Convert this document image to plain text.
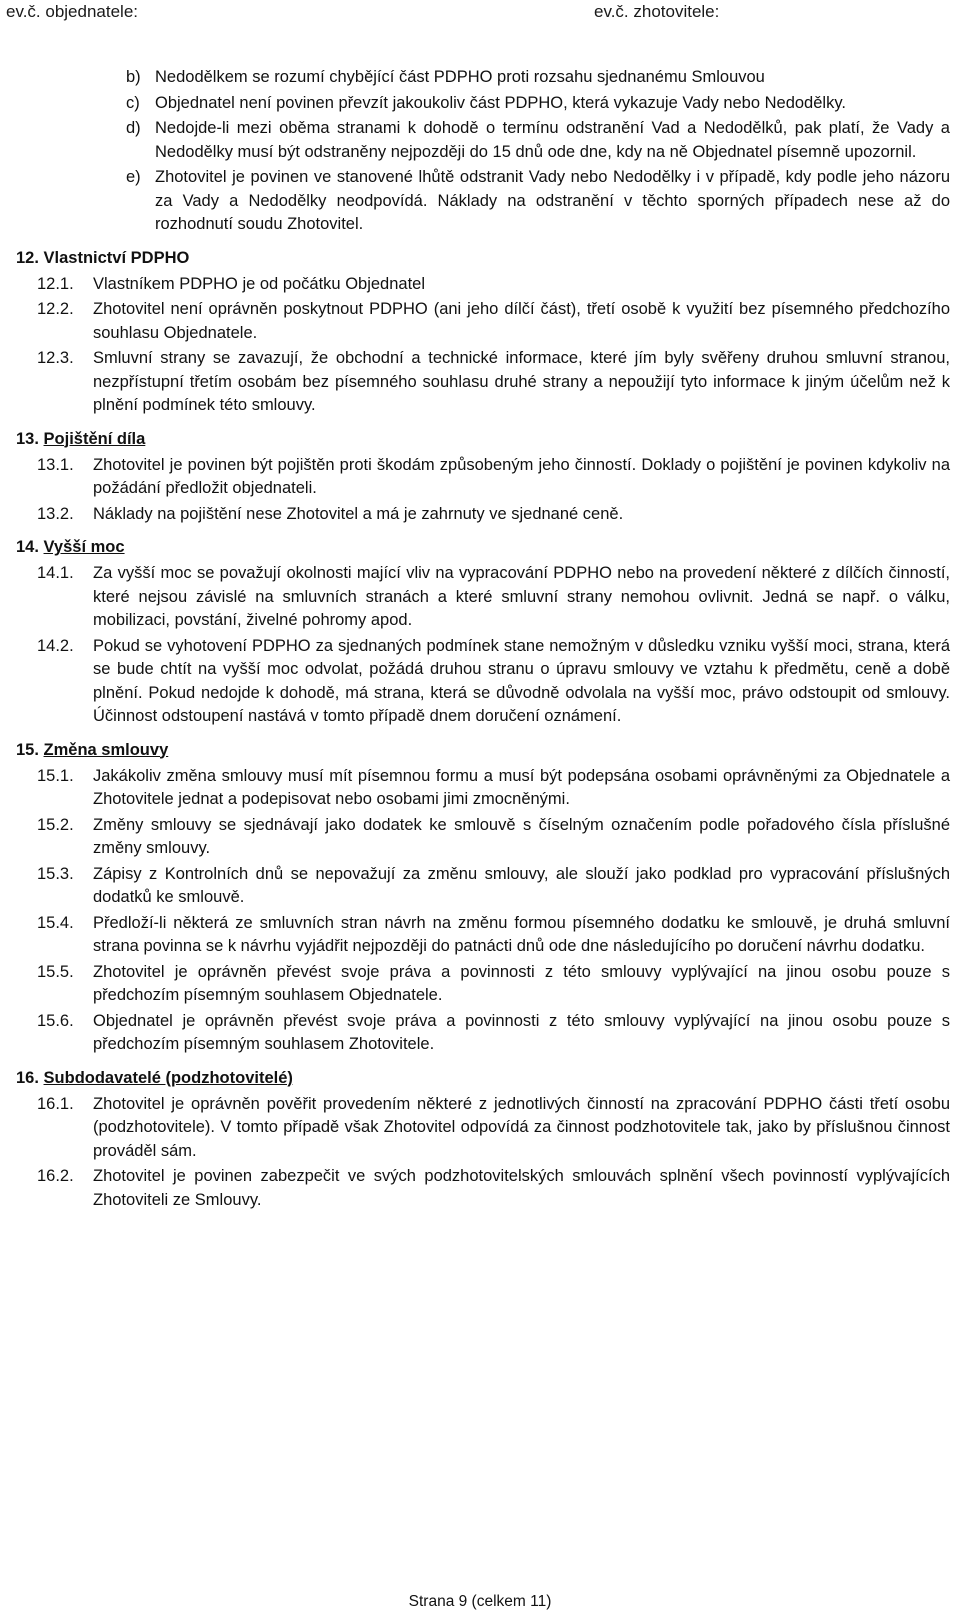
ev.č. objednatele:	ev.č. zhotovitele:
b) Nedodělkem se rozumí chybějící část PDPHO proti rozsahu sjednanému Smlouvou
c) Objednatel není povinen převzít jakoukoliv část PDPHO, která vykazuje Vady nebo Nedodělky.
d) Nedojde-li mezi oběma stranami k dohodě o termínu odstranění Vad a Nedodělků, pak platí, že Vady a Nedodělky musí být odstraněny nejpozději do 15 dnů ode dne, kdy na ně Objednatel písemně upozornil.
e) Zhotovitel je povinen ve stanovené lhůtě odstranit Vady nebo Nedodělky i v případě, kdy podle jeho názoru za Vady a Nedodělky neodpovídá. Náklady na odstranění v těchto sporných případech nese až do rozhodnutí soudu Zhotovitel.
12. Vlastnictví PDPHO
12.1. Vlastníkem PDPHO je od počátku Objednatel
12.2. Zhotovitel není oprávněn poskytnout PDPHO (ani jeho dílčí část), třetí osobě k využití bez písemného předchozího souhlasu Objednatele.
12.3. Smluvní strany se zavazují, že obchodní a technické informace, které jím byly svěřeny druhou smluvní stranou, nezpřístupní třetím osobám bez písemného souhlasu druhé strany a nepoužijí tyto informace k jiným účelům než k plnění podmínek této smlouvy.
13. Pojištění díla
13.1. Zhotovitel je povinen být pojištěn proti škodám způsobeným jeho činností. Doklady o pojištění je povinen kdykoliv na požádání předložit objednateli.
13.2. Náklady na pojištění nese Zhotovitel a má je zahrnuty ve sjednané ceně.
14. Vyšší moc
14.1. Za vyšší moc se považují okolnosti mající vliv na vypracování PDPHO nebo na provedení některé z dílčích činností, které nejsou závislé na smluvních stranách a které smluvní strany nemohou ovlivnit. Jedná se např. o válku, mobilizaci, povstání, živelné pohromy apod.
14.2. Pokud se vyhotovení PDPHO za sjednaných podmínek stane nemožným v důsledku vzniku vyšší moci, strana, která se bude chtít na vyšší moc odvolat, požádá druhou stranu o úpravu smlouvy ve vztahu k předmětu, ceně a době plnění. Pokud nedojde k dohodě, má strana, která se důvodně odvolala na vyšší moc, právo odstoupit od smlouvy. Účinnost odstoupení nastává v tomto případě dnem doručení oznámení.
15. Změna smlouvy
15.1. Jakákoliv změna smlouvy musí mít písemnou formu a musí být podepsána osobami oprávněnými za Objednatele a Zhotovitele jednat a podepisovat nebo osobami jimi zmocněnými.
15.2. Změny smlouvy se sjednávají jako dodatek ke smlouvě s číselným označením podle pořadového čísla příslušné změny smlouvy.
15.3. Zápisy z Kontrolních dnů se nepovažují za změnu smlouvy, ale slouží jako podklad pro vypracování příslušných dodatků ke smlouvě.
15.4. Předloží-li některá ze smluvních stran návrh na změnu formou písemného dodatku ke smlouvě, je druhá smluvní strana povinna se k návrhu vyjádřit nejpozději do patnácti dnů ode dne následujícího po doručení návrhu dodatku.
15.5. Zhotovitel je oprávněn převést svoje práva a povinnosti z této smlouvy vyplývající na jinou osobu pouze s předchozím písemným souhlasem Objednatele.
15.6. Objednatel je oprávněn převést svoje práva a povinnosti z této smlouvy vyplývající na jinou osobu pouze s předchozím písemným souhlasem Zhotovitele.
16. Subdodavatelé (podzhotovitelé)
16.1. Zhotovitel je oprávněn pověřit provedením některé z jednotlivých činností na zpracování PDPHO části třetí osobu (podzhotovitele). V tomto případě však Zhotovitel odpovídá za činnost podzhotovitele tak, jako by příslušnou činnost prováděl sám.
16.2. Zhotovitel je povinen zabezpečit ve svých podzhotovitelských smlouvách splnění všech povinností vyplývajících Zhotoviteli ze Smlouvy.
Strana 9 (celkem 11)
